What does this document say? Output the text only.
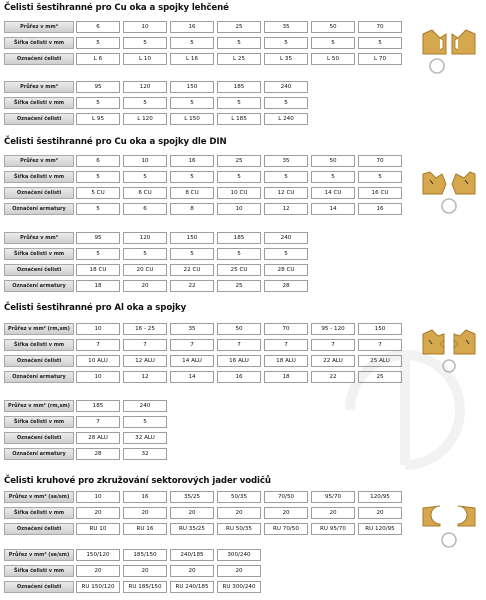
Čelisti šestihranné pro Cu oka a spojky lehčené
Čelisti šestihranné pro Cu oka a spojky dle DIN
Čelisti šestihranné pro Al oka a spojky
Čelisti kruhové pro zkružování sektorových jader vodičů
Průřez v mm²	6	10	16	25	35	50	70
Šířka čelisti v mm	5	5	5	5	5	5	5
Označení čelisti	L 6	L 10	L 16	L 25	L 35	L 50	L 70
Průřez v mm²	95	120	150	185	240
Šířka čelisti v mm	5	5	5	5	5
Označení čelisti	L 95	L 120	L 150	L 185	L 240
Průřez v mm²	6	10	16	25	35	50	70
Šířka čelisti v mm	5	5	5	5	5	5	5
Označení čelisti	5 CU	6 CU	8 CU	10 CU	12 CU	14 CU	16 CU
Označení armatury	5	6	8	10	12	14	16
Průřez v mm²	95	120	150	185	240
Šířka čelisti v mm	5	5	5	5	5
Označení čelisti	18 CU	20 CU	22 CU	25 CU	28 CU
Označení armatury	18	20	22	25	28
Průřez v mm² (rm,sm)	10	16 - 25	35	50	70	95 - 120	150
Šířka čelisti v mm	7	7	7	7	7	7	7
Označení čelisti	10 ALU	12 ALU	14 ALU	16 ALU	18 ALU	22 ALU	25 ALU
Označení armatury	10	12	14	16	18	22	25
Průřez v mm² (rm,sm)	185	240
Šířka čelisti v mm	7	5
Označení čelisti	28 ALU	32 ALU
Označení armatury	28	32
Průřez v mm² (se/sm)	10	16	35/25	50/35	70/50	95/70	120/95
Šířka čelisti v mm	20	20	20	20	20	20	20
Označení čelisti	RU 10	RU 16	RU 35/25	RU 50/35	RU 70/50	RU 95/70	RU 120/95
Průřez v mm² (se/sm)	150/120	185/150	240/185	300/240
Šířka čelisti v mm	20	20	20	20
Označení čelisti	RU 150/120	RU 185/150	RU 240/185	RU 300/240
